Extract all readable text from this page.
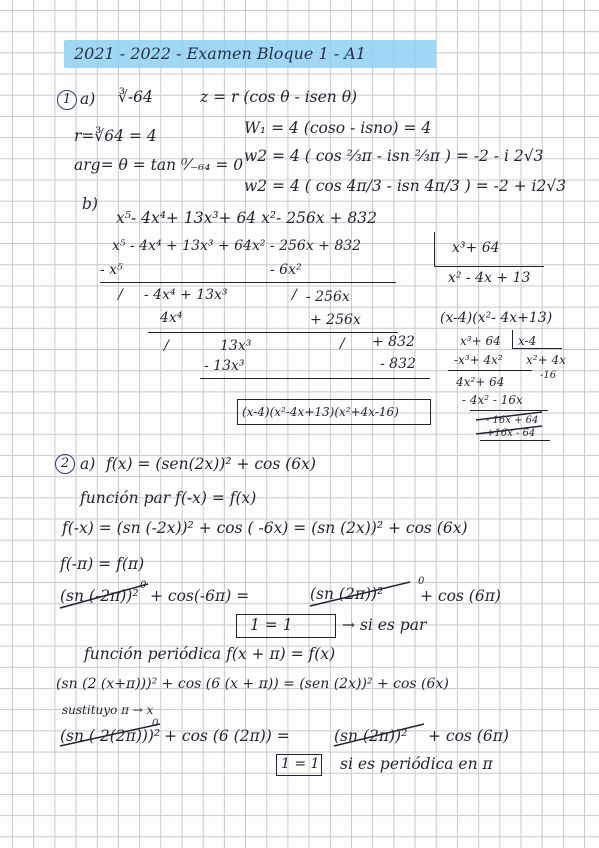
2021 - 2022 - Examen Bloque 1 - A1
1 a) ∛-64	z = r (cos θ - isen θ)
r=∛64 = 4
arg= θ = tan ⁰⁄₋₆₄ = 0
W₁ = 4 (coso - isno) = 4
w2 = 4 ( cos ⅔π - isn ⅔π ) = -2 - i 2√3
w2 = 4 ( cos 4π/3 - isn 4π/3 ) = -2 + i2√3
b)
x⁵- 4x⁴+ 13x³+ 64 x²- 256x + 832
x⁵ - 4x⁴ + 13x³ + 64x² - 256x + 832	x³+ 64
x² - 4x + 13
- x⁵	- 6x²
/ - 4x⁴ + 13x³	/ - 256x
4x⁴	+ 256x
/	13x³	/ + 832
- 13x³	- 832
(x-4)(x²- 4x+13)
x³+ 64 x-4
-x³+ 4x² x²+ 4x
-16
4x²+ 64
- 4x² - 16x
- 16x + 64
+16x - 64
(x-4)(x²-4x+13)(x²+4x-16)
2 a) f(x) = (sen(2x))² + cos (6x)
función par f(-x) = f(x)
f(-x) = (sn (-2x))² + cos ( -6x) = (sn (2x))² + cos (6x)
f(-π) = f(π)
(sn (-2π))²
0
+ cos(-6π) =	(sn (2π))²
0
+ cos (6π)
1 = 1	→ si es par
función periódica f(x + π) = f(x)
(sn (2 (x+π)))² + cos (6 (x + π)) = (sen (2x))² + cos (6x)
sustituyo π → x
(sn ( 2(2π)))²
0
+ cos (6 (2π)) =	(sn (2π))² + cos (6π)
1 = 1 si es periódica en π
